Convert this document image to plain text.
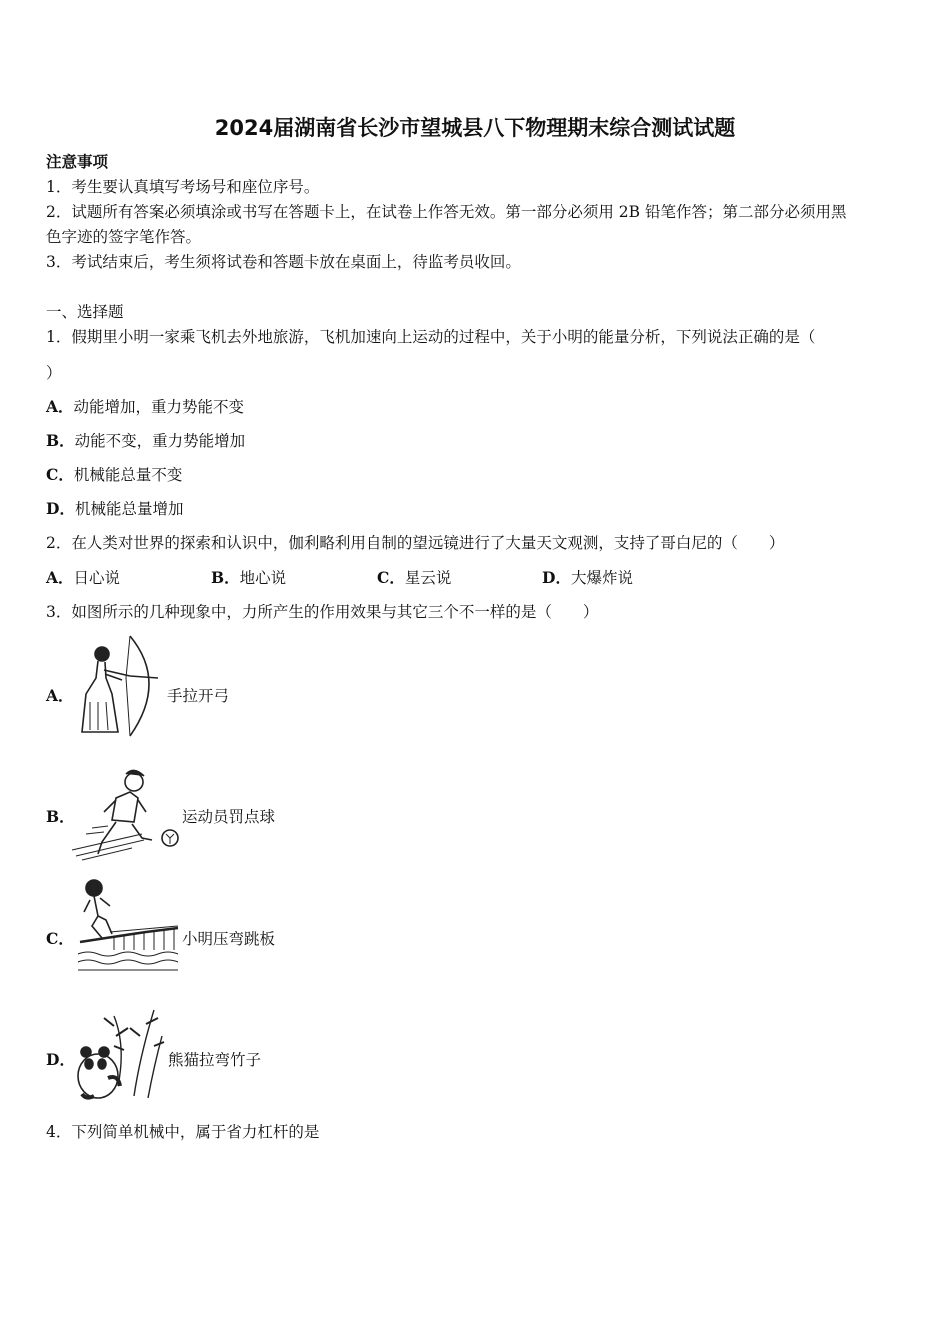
2024届湖南省长沙市望城县八下物理期末综合测试试题
注意事项
1．考生要认真填写考场号和座位序号。
2．试题所有答案必须填涂或书写在答题卡上，在试卷上作答无效。第一部分必须用 2B 铅笔作答；第二部分必须用黑
色字迹的签字笔作答。
3．考试结束后，考生须将试卷和答题卡放在桌面上，待监考员收回。
一、选择题
1．假期里小明一家乘飞机去外地旅游，飞机加速向上运动的过程中，关于小明的能量分析，下列说法正确的是（
）
A．动能增加，重力势能不变
B．动能不变，重力势能增加
C．机械能总量不变
D．机械能总量增加
2．在人类对世界的探索和认识中，伽利略利用自制的望远镜进行了大量天文观测，支持了哥白尼的（　　）
A．日心说	B．地心说	C．星云说	D．大爆炸说
3．如图所示的几种现象中，力所产生的作用效果与其它三个不一样的是（　　）
A．	手拉开弓
B．	运动员罚点球
C．	小明压弯跳板
D．	熊猫拉弯竹子
4．下列简单机械中，属于省力杠杆的是
